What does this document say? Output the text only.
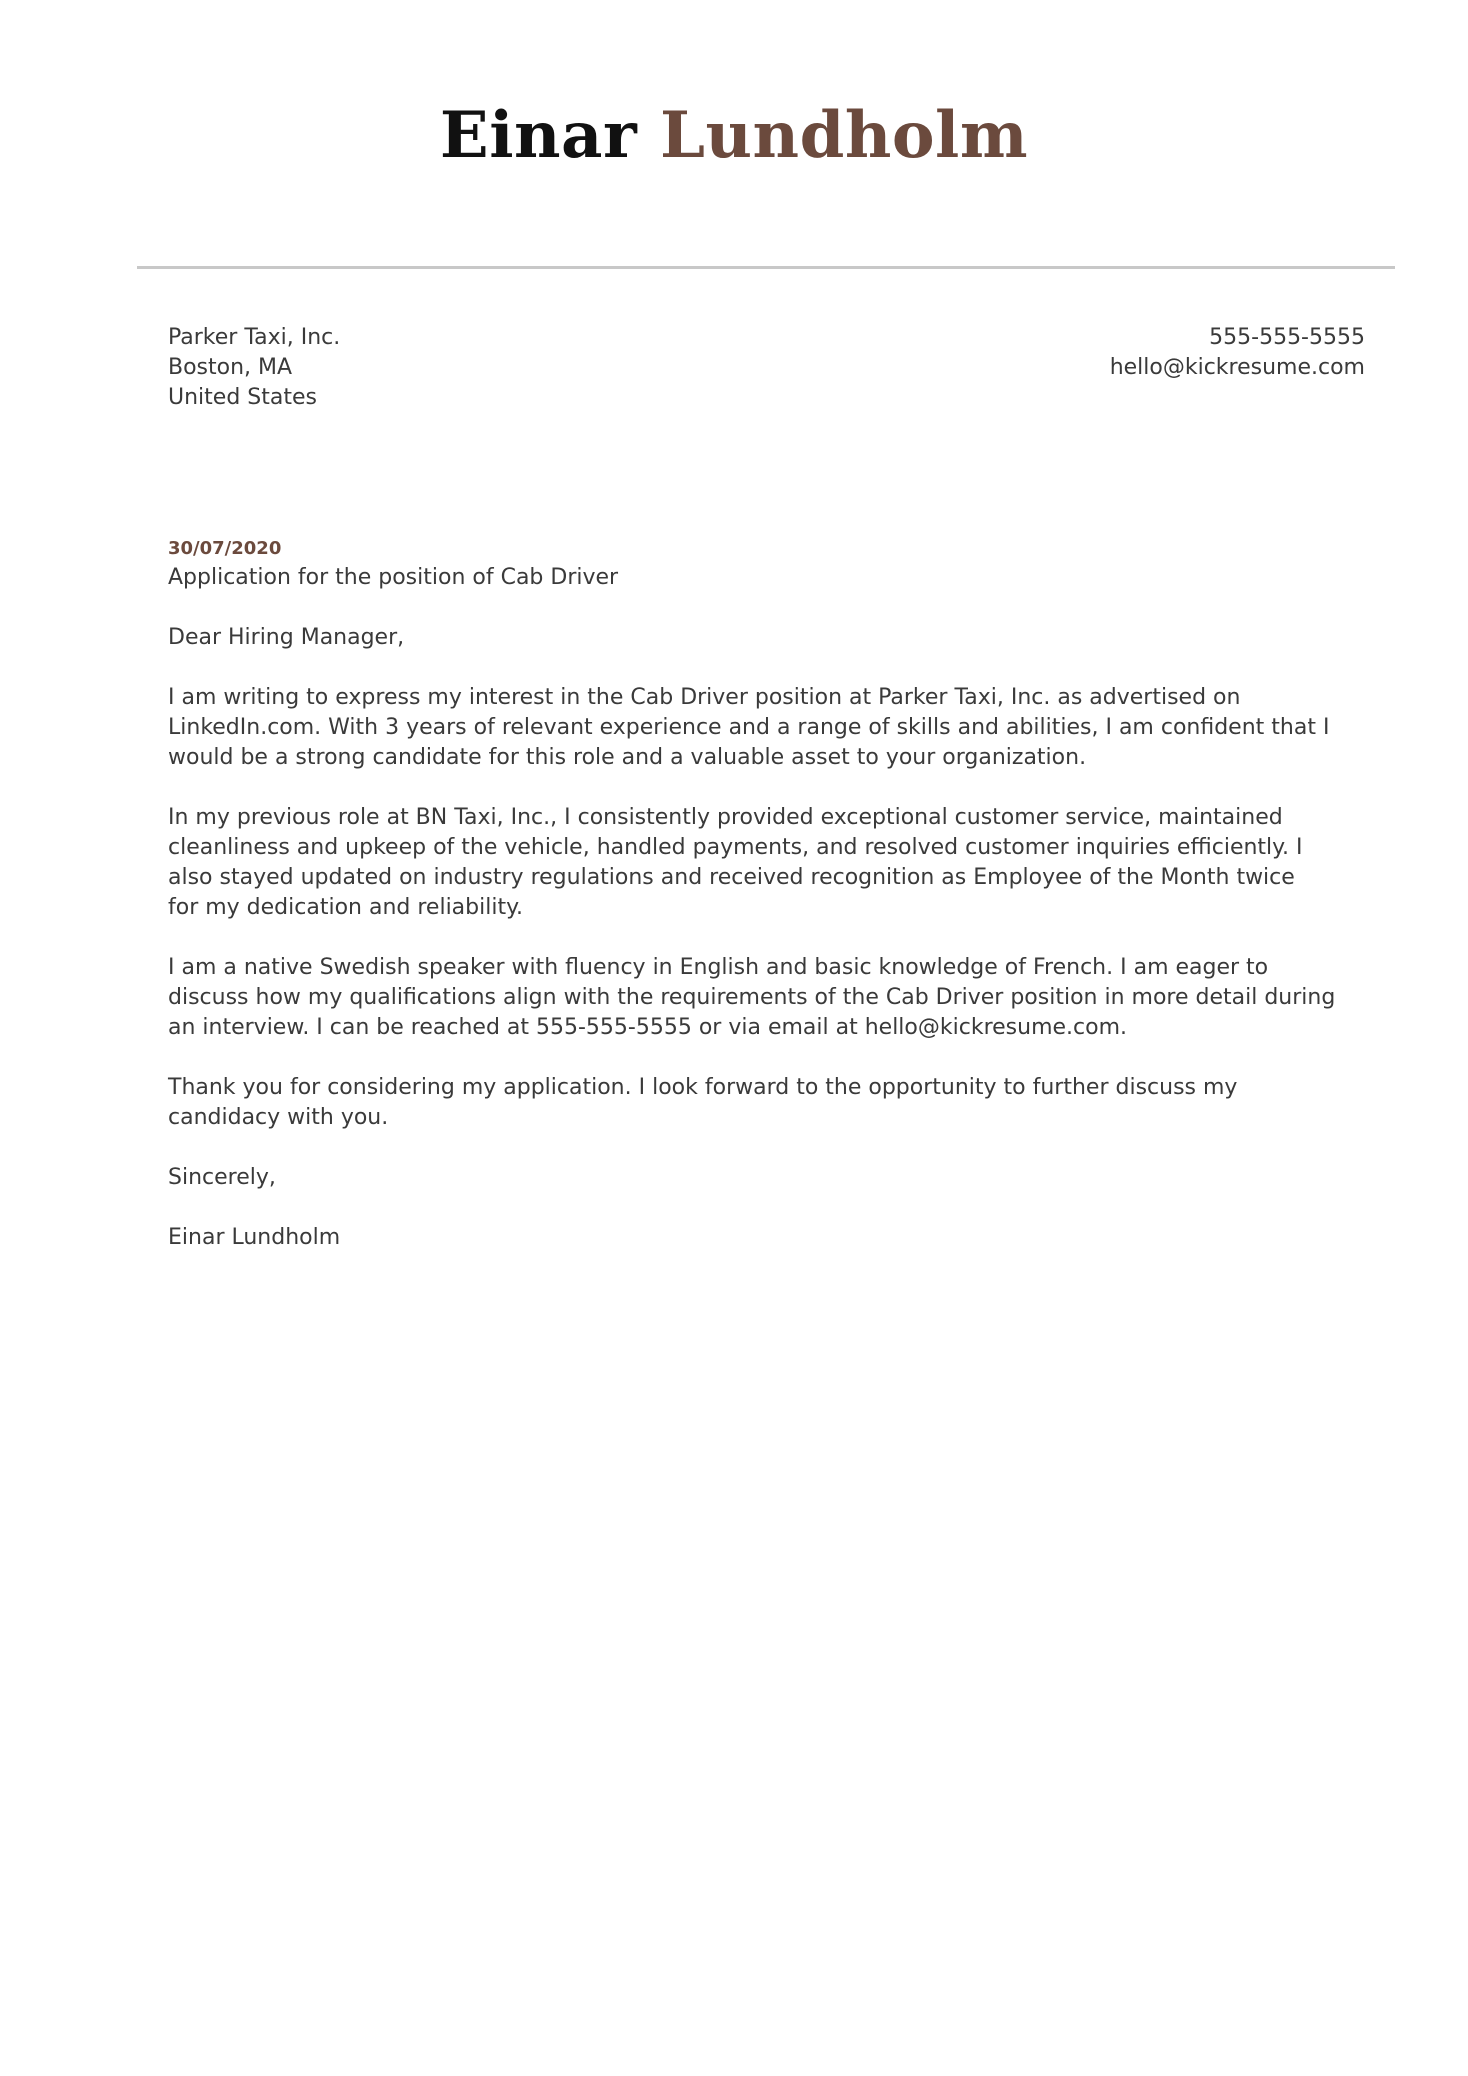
Einar Lundholm
Parker Taxi, Inc.
Boston, MA
United States
555-555-5555
hello@kickresume.com
30/07/2020
Application for the position of Cab Driver
Dear Hiring Manager,
I am writing to express my interest in the Cab Driver position at Parker Taxi, Inc. as advertised on
LinkedIn.com. With 3 years of relevant experience and a range of skills and abilities, I am confident that I
would be a strong candidate for this role and a valuable asset to your organization.
In my previous role at BN Taxi, Inc., I consistently provided exceptional customer service, maintained
cleanliness and upkeep of the vehicle, handled payments, and resolved customer inquiries efficiently. I
also stayed updated on industry regulations and received recognition as Employee of the Month twice
for my dedication and reliability.
I am a native Swedish speaker with fluency in English and basic knowledge of French. I am eager to
discuss how my qualifications align with the requirements of the Cab Driver position in more detail during
an interview. I can be reached at 555-555-5555 or via email at hello@kickresume.com.
Thank you for considering my application. I look forward to the opportunity to further discuss my
candidacy with you.
Sincerely,
Einar Lundholm
